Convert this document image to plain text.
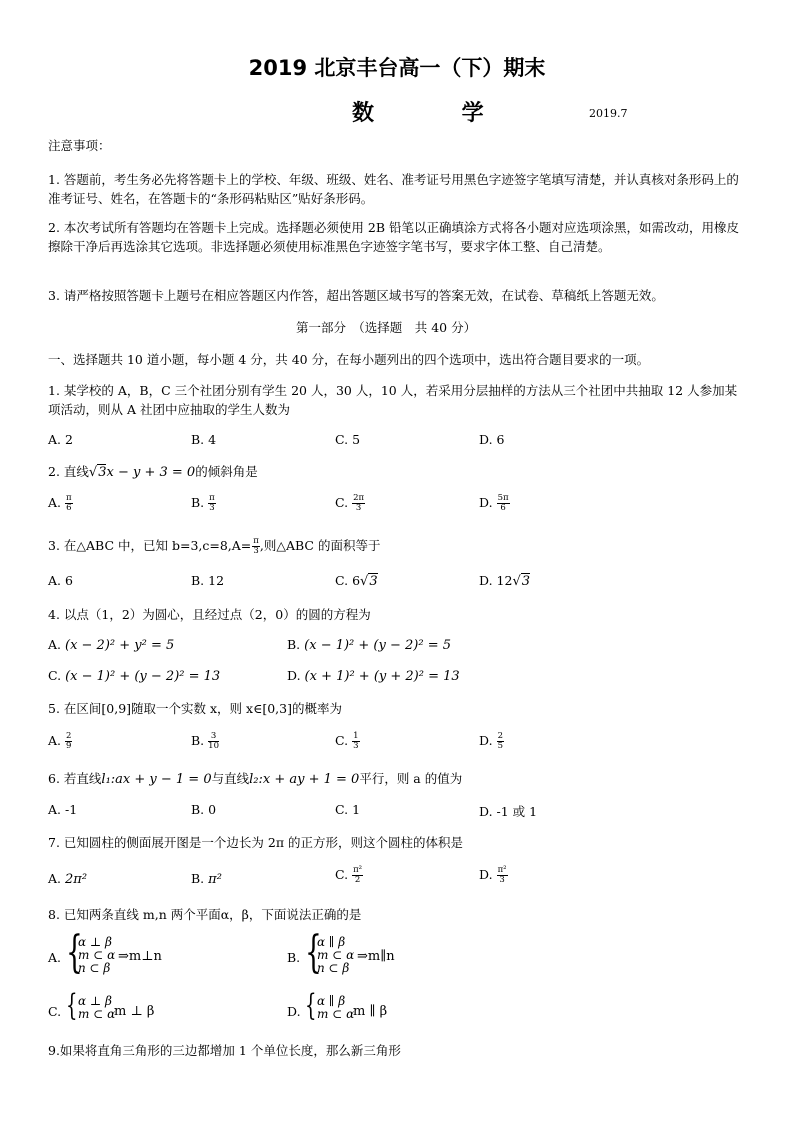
2019 北京丰台高一（下）期末
数 学	2019.7
注意事项：
1. 答题前，考生务必先将答题卡上的学校、年级、班级、姓名、准考证号用黑色字迹签字笔填写清楚，并认真核对条形码上的准考证号、姓名，在答题卡的“条形码粘贴区”贴好条形码。
2. 本次考试所有答题均在答题卡上完成。选择题必须使用 2B 铅笔以正确填涂方式将各小题对应选项涂黑，如需改动，用橡皮擦除干净后再选涂其它选项。非选择题必须使用标准黑色字迹签字笔书写，要求字体工整、自己清楚。
3. 请严格按照答题卡上题号在相应答题区内作答，超出答题区域书写的答案无效，在试卷、草稿纸上答题无效。
第一部分　（选择题　共 40 分）
一、选择题共 10 道小题，每小题 4 分，共 40 分，在每小题列出的四个选项中，选出符合题目要求的一项。
1. 某学校的 A，B，C 三个社团分别有学生 20 人，30 人，10 人，若采用分层抽样的方法从三个社团中共抽取 12 人参加某项活动，则从 A 社团中应抽取的学生人数为
A. 2	B. 4	C. 5	D. 6
2. 直线√3x − y + 3 = 0的倾斜角是
A. $\frac{\pi}{6}$	B. $\frac{\pi}{3}$	C. $\frac{2\pi}{3}$	D. $\frac{5\pi}{6}$
3. 在△ABC 中，已知 $b=3,c=8,A= \frac{\pi}{3}$ ,则△ABC 的面积等于
A. 6	B. 12	C. 6√3	D. 12√3
4. 以点（1，2）为圆心，且经过点（2，0）的圆的方程为
A. (x − 2)² + y² = 5	B. (x − 1)² + (y − 2)² = 5
C. (x − 1)² + (y − 2)² = 13	D. (x + 1)² + (y + 2)² = 13
5. 在区间[0,9]随取一个实数 x，则 x∈[0,3]的概率为
A. $\frac{2}{9}$	B. $\frac{3}{10}$	C. $\frac{1}{3}$	D. $\frac{2}{5}$
6. 若直线l₁:ax + y − 1 = 0与直线l₂:x + ay + 1 = 0平行，则 a 的值为
A. -1	B. 0	C. 1	D. -1 或 1
7. 已知圆柱的侧面展开图是一个边长为 2π 的正方形，则这个圆柱的体积是
A. 2π²	B. π²	C. $\frac{\text{π²}}{2}$	D. $\frac{\text{π²}}{3}$
8. 已知两条直线 m,n 两个平面α，β，下面说法正确的是
A. {
α ⊥ β
m ⊂ α
n ⊂ β
⇒m⊥n	B. {
α ∥ β
m ⊂ α
n ⊂ β
⇒m∥n
C. { α ⊥ β
m ⊂ α
m ⊥ β	D. { α ∥ β
m ⊂ α
m ∥ β
9.如果将直角三角形的三边都增加 1 个单位长度，那么新三角形
